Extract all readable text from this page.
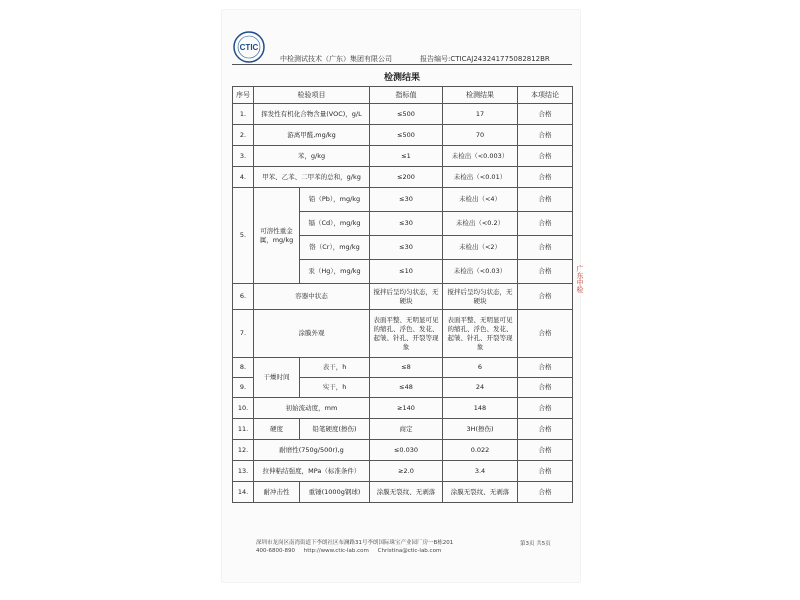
CTIC
中检测试技术（广东）集团有限公司	报告编号:CTICAJ243241775082812BR
检测结果
序号	检验项目		指标值	检测结果	本项结论
1.	挥发性有机化合物含量(VOC)，g/L		≤500	17	合格
2.	游离甲醛,mg/kg		≤500	70	合格
3.	苯，g/kg		≤1	未检出（<0.003）	合格
4.	甲苯、乙苯、二甲苯的总和，g/kg		≤200	未检出（<0.01）	合格
5.	可溶性重金属，mg/kg	铅（Pb），mg/kg	≤30	未检出（<4）	合格
		镉（Cd），mg/kg	≤30	未检出（<0.2）	合格
		铬（Cr），mg/kg	≤30	未检出（<2）	合格
		汞（Hg），mg/kg	≤10	未检出（<0.03）	合格
6.	容器中状态		搅拌后呈均匀状态，无硬块	搅拌后呈均匀状态，无硬块	合格
7.	涂膜外观		表面平整、无明显可见的缩孔、浮色、发花、起皱、针孔、开裂等现象	表面平整、无明显可见的缩孔、浮色、发花、起皱、针孔、开裂等现象	合格
8.	干燥时间	表干，h	≤8	6	合格
9.		实干，h	≤48	24	合格
10.	初始流动度，mm		≥140	148	合格
11.	硬度	铅笔硬度(擦伤)	商定	3H(擦伤)	合格
12.	耐磨性(750g/500r),g		≤0.030	0.022	合格
13.	拉伸粘结强度，MPa（标准条件）		≥2.0	3.4	合格
14.	耐冲击性	重锤(1000g钢球)	涂膜无裂纹、无剥落	涂膜无裂纹、无剥落	合格
广东中检
深圳市龙岗区南湾街道下李朗社区布澜路31号李朗国际珠宝产业园厂房一B栋201
400-6800-890 http://www.ctic-lab.com Christina@ctic-lab.com
第3页 共5页
